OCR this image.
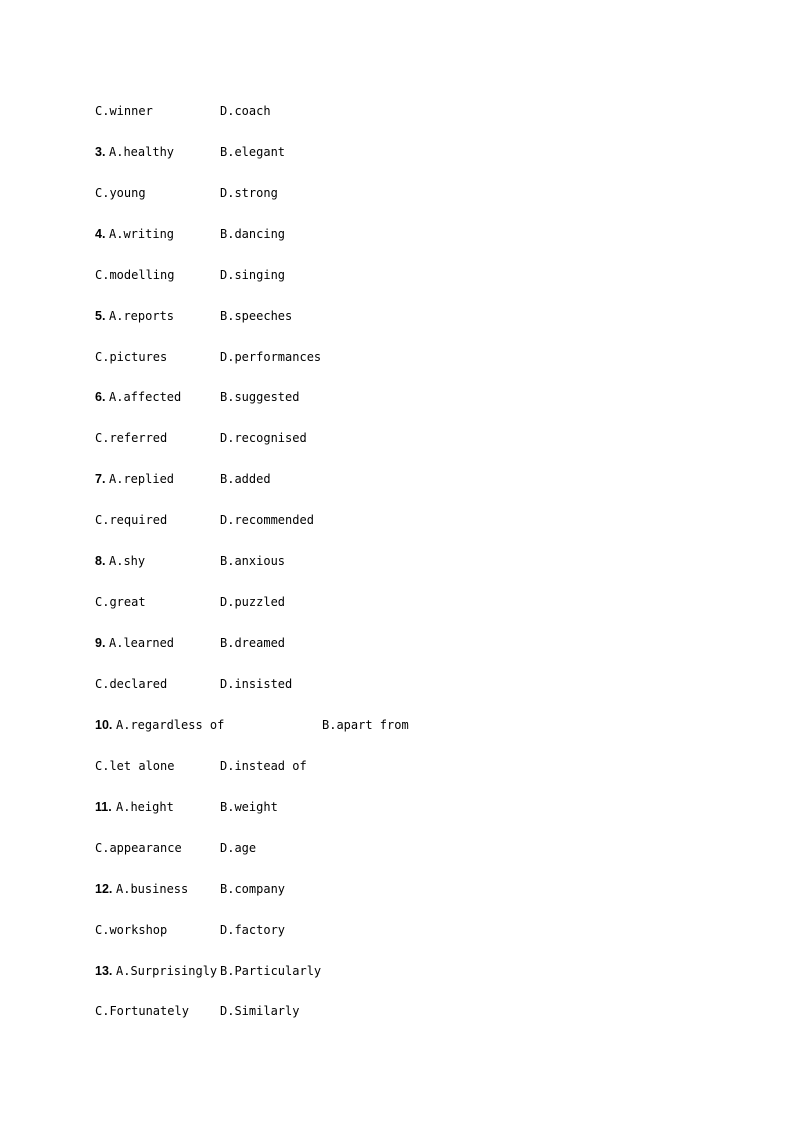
C.winner	D.coach
3. A.healthy	B.elegant
C.young	D.strong
4. A.writing	B.dancing
C.modelling	D.singing
5. A.reports	B.speeches
C.pictures	D.performances
6. A.affected	B.suggested
C.referred	D.recognised
7. A.replied	B.added
C.required	D.recommended
8. A.shy	B.anxious
C.great	D.puzzled
9. A.learned	B.dreamed
C.declared	D.insisted
10. A.regardless of	B.apart from
C.let alone	D.instead of
11. A.height	B.weight
C.appearance	D.age
12. A.business	B.company
C.workshop	D.factory
13. A.Surprisingly B.Particularly
C.Fortunately	D.Similarly
